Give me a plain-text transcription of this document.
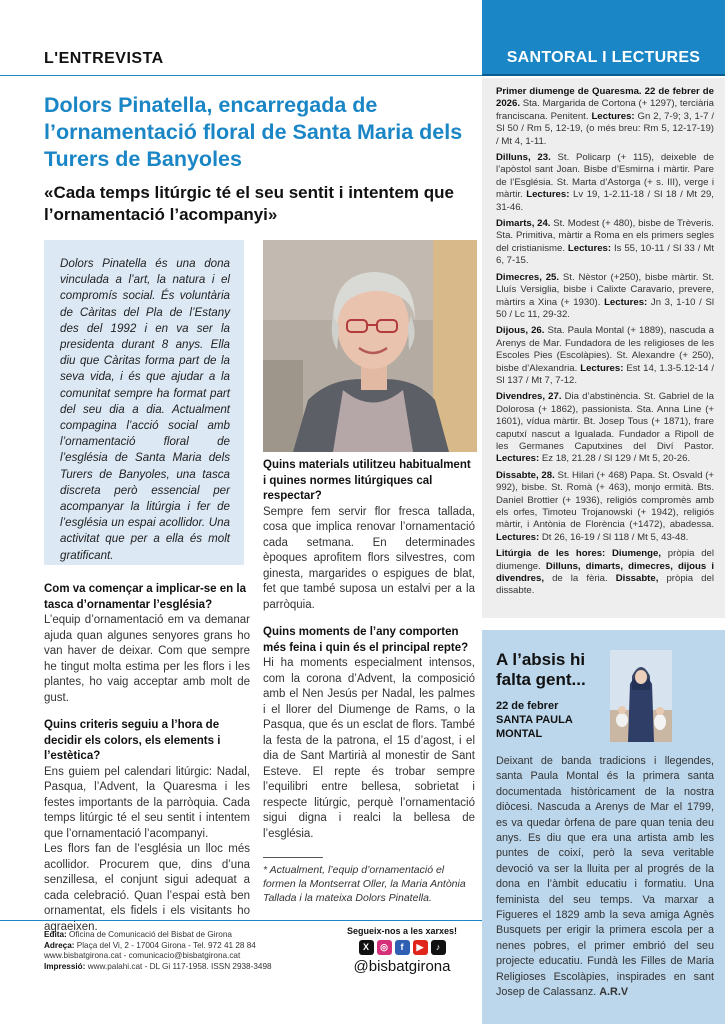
L'ENTREVISTA	SANTORAL I LECTURES
Dolors Pinatella, encarregada de l’ornamentació floral de Santa Maria dels Turers de Banyoles
«Cada temps litúrgic té el seu sentit i intentem que l’ornamentació l’acompanyi»

Dolors Pinatella és una dona vinculada a l’art, la natura i el compromís social. És voluntària de Càritas del Pla de l’Estany des del 1992 i en va ser la presidenta durant 8 anys. Ella diu que Càritas forma part de la seva vida, i és que ajudar a la comunitat sempre ha format part del seu dia a dia. Actualment compagina l’acció social amb l’ornamentació floral de l’església de Santa Maria dels Turers de Banyoles, una tasca discreta però essencial per acompanyar la litúrgia i fer de l’església un espai acollidor. Una activitat que per a ella és molt gratificant.

Com va començar a implicar-se en la tasca d’ornamentar l’església?
L’equip d’ornamentació em va demanar ajuda quan algunes senyores grans ho van haver de deixar. Com que sempre he tingut molta estima per les flors i les plantes, ho vaig acceptar amb molt de gust.
Quins criteris seguiu a l’hora de decidir els colors, els elements i l’estètica?
Ens guiem pel calendari litúrgic: Nadal, Pasqua, l’Advent, la Quaresma i les festes importants de la parròquia. Cada temps litúrgic té el seu sentit i intentem que l’ornamentació l’acompanyi.
Les flors fan de l’església un lloc més acollidor. Procurem que, dins d’una senzillesa, el conjunt sigui adequat a cada celebració. Quan l’espai està ben ornamentat, els fidels i els visitants ho agraeixen.
Quins materials utilitzeu habitualment i quines normes litúrgiques cal respectar?
Sempre fem servir flor fresca tallada, cosa que implica renovar l’ornamentació cada setmana. En determinades èpoques aprofitem flors silvestres, com ginesta, margarides o espigues de blat, fet que també suposa un estalvi per a la parròquia.
Quins moments de l’any comporten més feina i quin és el principal repte?
Hi ha moments especialment intensos, com la corona d’Advent, la composició amb el Nen Jesús per Nadal, les palmes i el llorer del Diumenge de Rams, o la Pasqua, que és un esclat de flors. També la festa de la patrona, el 15 d’agost, i el dia de Sant Martirià al monestir de Sant Esteve. El repte és trobar sempre l’equilibri entre bellesa, sobrietat i respecte litúrgic, perquè l’ornamentació sigui digna i realci la bellesa de l’església.
* Actualment, l’equip d’ornamentació el formen la Montserrat Oller, la Maria Antònia Tallada i la mateixa Dolors Pinatella.
Edita: Oficina de Comunicació del Bisbat de Girona
Adreça: Plaça del Vi, 2 - 17004 Girona - Tel. 972 41 28 84
www.bisbatgirona.cat - comunicacio@bisbatgirona.cat
Impressió: www.palahi.cat - DL Gi 117-1958. ISSN 2938-3498
Segueix-nos a les xarxes!
X	◎	f	▶	♪
@bisbatgirona

Primer diumenge de Quaresma. 22 de febrer de 2026. Sta. Margarida de Cortona (+ 1297), terciària franciscana. Penitent. Lectures: Gn 2, 7-9; 3, 1-7 / Sl 50 / Rm 5, 12-19, (o més breu: Rm 5, 12-17-19) / Mt 4, 1-11.

Dilluns, 23. St. Policarp (+ 115), deixeble de l’apòstol sant Joan. Bisbe d’Esmirna i màrtir. Pare de l’Església. St. Marta d’Astorga (+ s. III), verge i màrtir. Lectures: Lv 19, 1-2.11-18 / Sl 18 / Mt 29, 31-46.

Dimarts, 24. St. Modest (+ 480), bisbe de Trèveris. Sta. Primitiva, màrtir a Roma en els primers segles del cristianisme. Lectures: Is 55, 10-11 / Sl 33 / Mt 6, 7-15.

Dimecres, 25. St. Nèstor (+250), bisbe màrtir. St. Lluís Versiglia, bisbe i Calixte Caravario, prevere, màrtirs a Xina (+ 1930). Lectures: Jn 3, 1-10 / Sl 50 / Lc 11, 29-32.

Dijous, 26. Sta. Paula Montal (+ 1889), nascuda a Arenys de Mar. Fundadora de les religioses de les Escoles Pies (Escolàpies). St. Alexandre (+ 250), bisbe d’Alexandria. Lectures: Est 14, 1.3-5.12-14 / Sl 137 / Mt 7, 7-12.

Divendres, 27. Dia d’abstinència. St. Gabriel de la Dolorosa (+ 1862), passionista. Sta. Anna Line (+ 1601), vídua màrtir. Bt. Josep Tous (+ 1871), frare caputxí nascut a Igualada. Fundador a Ripoll de les Germanes Caputxines del Diví Pastor. Lectures: Ez 18, 21.28 / Sl 129 / Mt 5, 20-26.

Dissabte, 28. St. Hilari (+ 468) Papa. St. Osvald (+ 992), bisbe. St. Romà (+ 463), monjo ermità. Bts. Daniel Brottier (+ 1936), religiós compromès amb els orfes, Timoteu Trojanowski (+ 1942), religiós màrtir, i Antònia de Florència (+1472), abadessa. Lectures: Dt 26, 16-19 / Sl 118 / Mt 5, 43-48.

Litúrgia de les hores: Diumenge, pròpia del diumenge. Dilluns, dimarts, dimecres, dijous i divendres, de la fèria. Dissabte, pròpia del dissabte.

A l’absis hi falta gent...
22 de febrer
SANTA PAULA MONTAL
Deixant de banda tradicions i llegendes, santa Paula Montal és la primera santa documentada històricament de la nostra diòcesi. Nascuda a Arenys de Mar el 1799, es va quedar òrfena de pare quan tenia deu anys. Es diu que era una artista amb les puntes de coixí, però la seva veritable devoció va ser la lluita per al progrés de la dona en l’àmbit educatiu i formatiu. Una feminista del seu temps. Va marxar a Figueres el 1829 amb la seva amiga Agnès Busquets per erigir la primera escola per a nenes pobres, el primer embrió del seu projecte educatiu. Fundà les Filles de Maria Religioses Escolàpies, inspirades en sant Josep de Calassanz. A.R.V
